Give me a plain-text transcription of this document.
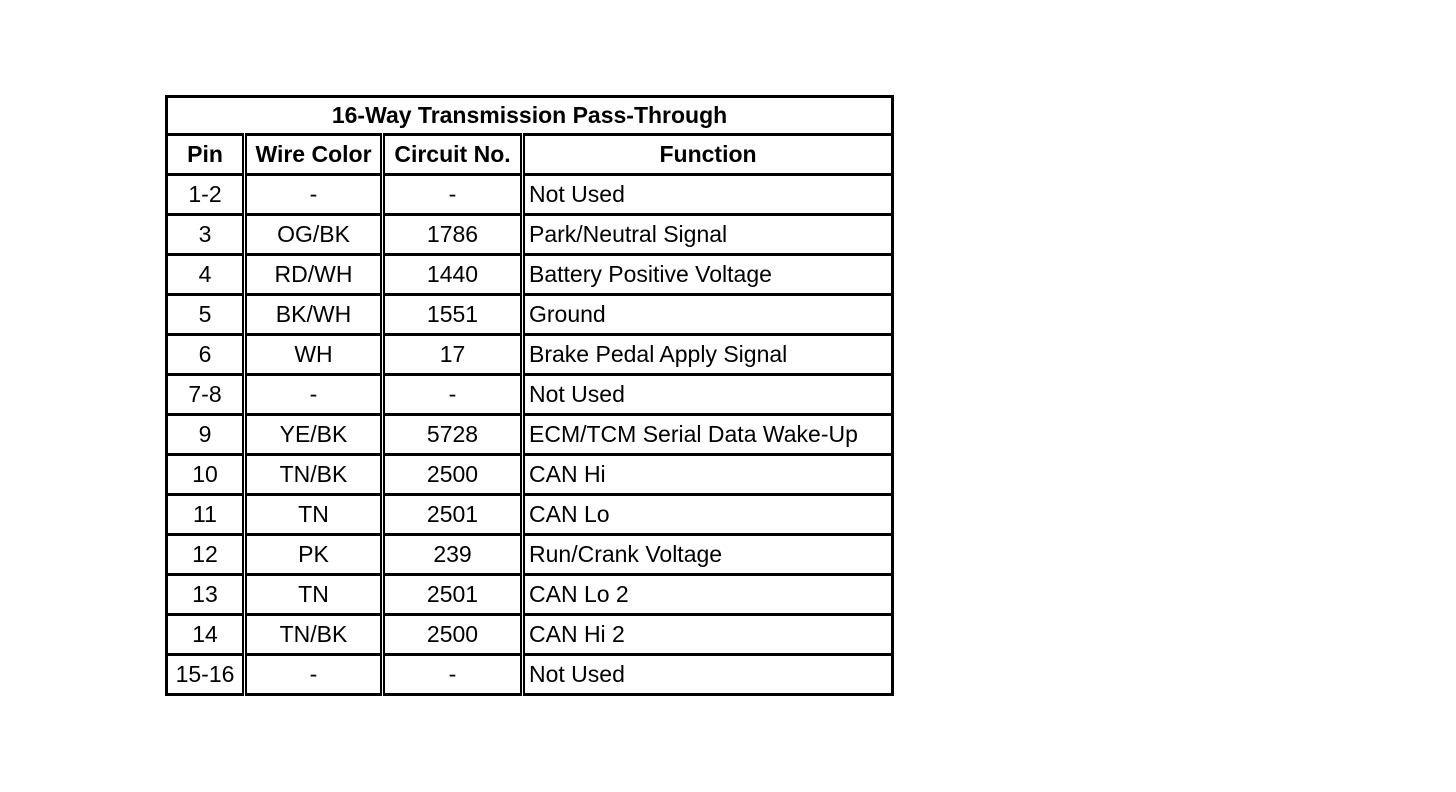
16-Way Transmission Pass-Through			
Pin	Wire Color	Circuit No.	Function
1-2	-	-	Not Used
3	OG/BK	1786	Park/Neutral Signal
4	RD/WH	1440	Battery Positive Voltage
5	BK/WH	1551	Ground
6	WH	17	Brake Pedal Apply Signal
7-8	-	-	Not Used
9	YE/BK	5728	ECM/TCM Serial Data Wake-Up
10	TN/BK	2500	CAN Hi
11	TN	2501	CAN Lo
12	PK	239	Run/Crank Voltage
13	TN	2501	CAN Lo 2
14	TN/BK	2500	CAN Hi 2
15-16	-	-	Not Used
